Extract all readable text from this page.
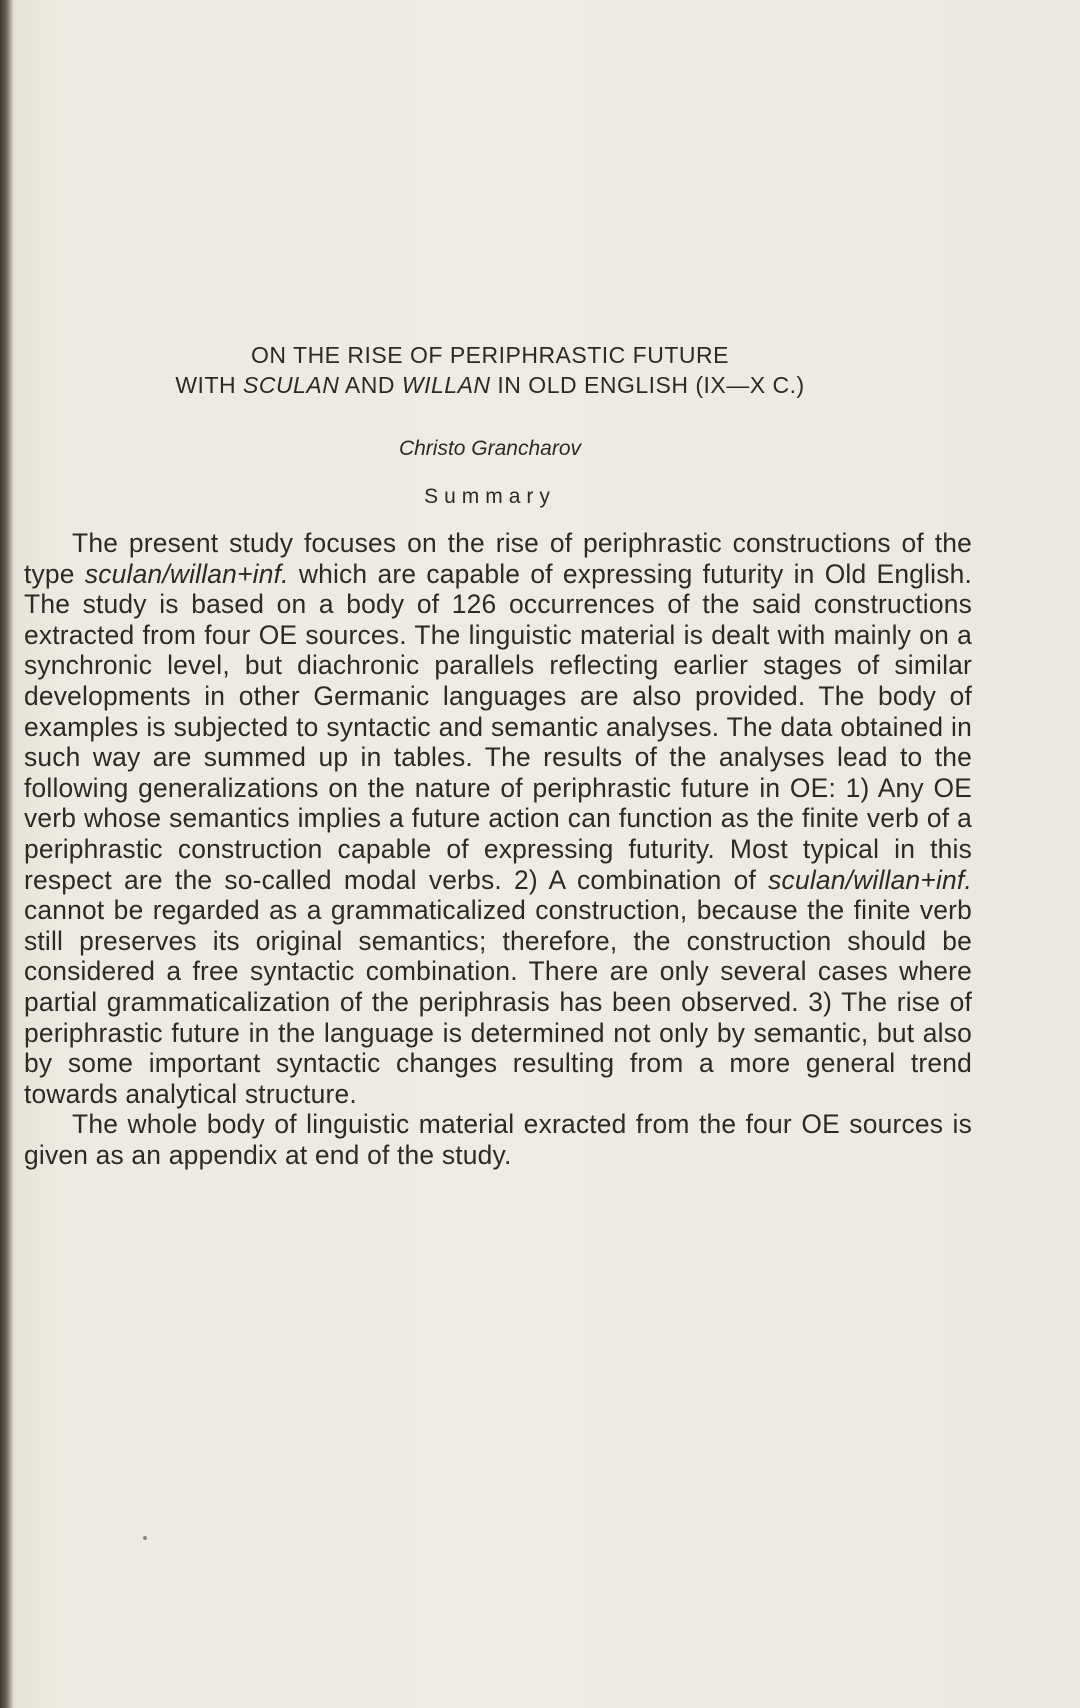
ON THE RISE OF PERIPHRASTIC FUTURE
WITH SCULAN AND WILLAN IN OLD ENGLISH (IX—X C.)
Christo Grancharov
Summary

The present study focuses on the rise of periphrastic constructions of the type sculan/willan+inf. which are capable of expressing futurity in Old English. The study is based on a body of 126 occurrences of the said constructions extracted from four OE sources. The linguistic material is dealt with mainly on a synchronic level, but diachronic parallels reflecting earlier stages of similar developments in other Germanic languages are also provided. The body of examples is subjected to syntactic and semantic analyses. The data obtained in such way are summed up in tables. The results of the analyses lead to the following generalizations on the nature of periphrastic future in OE: 1) Any OE verb whose semantics implies a future action can function as the finite verb of a periphrastic construction capable of expressing futurity. Most typical in this respect are the so-called modal verbs. 2) A combination of sculan/willan+inf. cannot be regarded as a grammaticalized construction, because the finite verb still preserves its original semantics; therefore, the construction should be considered a free syntactic combination. There are only several cases where partial grammaticalization of the periphrasis has been observed. 3) The rise of periphrastic future in the language is determined not only by semantic, but also by some important syntactic changes resulting from a more general trend towards analytical structure.

The whole body of linguistic material exracted from the four OE sources is given as an appendix at end of the study.
